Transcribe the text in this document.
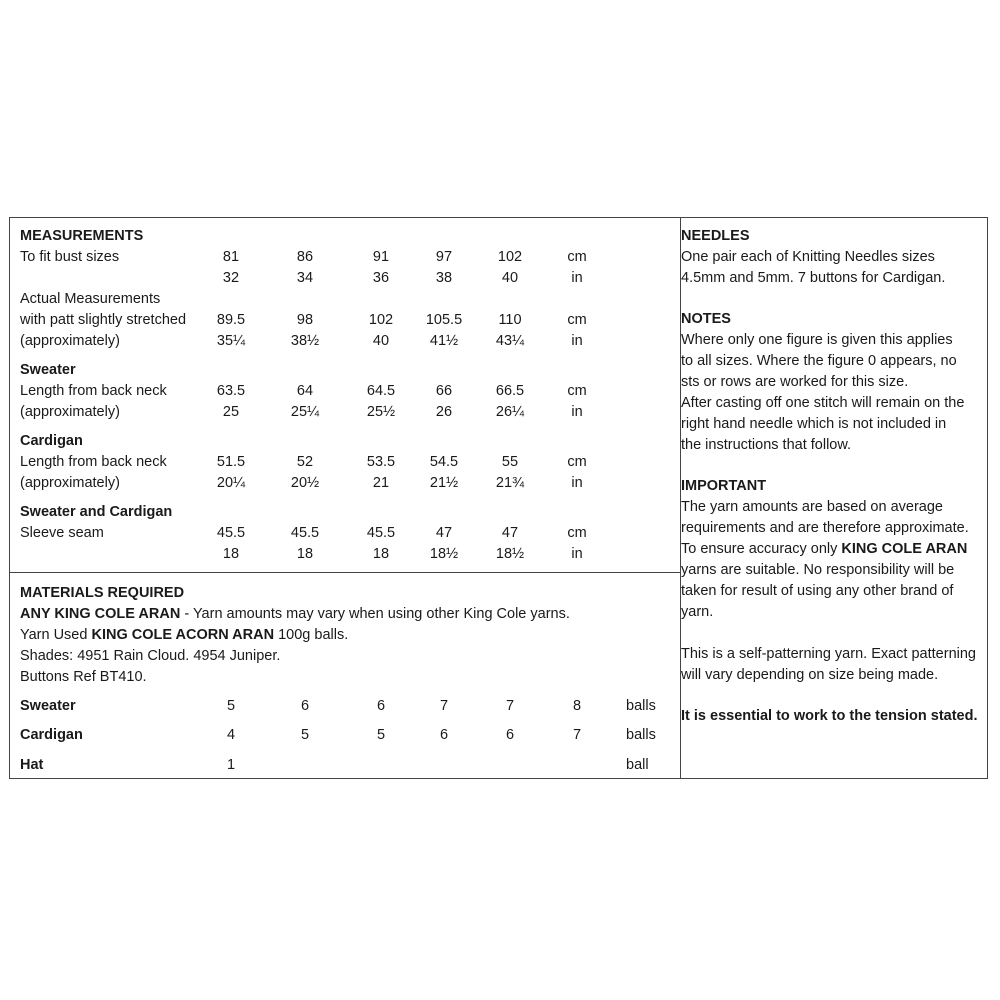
MEASUREMENTS
To fit bust sizes	81	86	91	97	102	cm
32	34	36	38	40	in
Actual Measurements
with patt slightly stretched	89.5	98	102	105.5	110	cm
(approximately)	35¼	38½	40	41½	43¼	in
Sweater
Length from back neck	63.5	64	64.5	66	66.5	cm
(approximately)	25	25¼	25½	26	26¼	in
Cardigan
Length from back neck	51.5	52	53.5	54.5	55	cm
(approximately)	20¼	20½	21	21½	21¾	in
Sweater and Cardigan
Sleeve seam	45.5	45.5	45.5	47	47	cm
18	18	18	18½	18½	in
MATERIALS REQUIRED
ANY KING COLE ARAN - Yarn amounts may vary when using other King Cole yarns.
Yarn Used KING COLE ACORN ARAN 100g balls.
Shades: 4951 Rain Cloud. 4954 Juniper.
Buttons Ref BT410.
Sweater	5	6	6	7	7	8	balls
Cardigan	4	5	5	6	6	7	balls
Hat	1	ball
NEEDLES
One pair each of Knitting Needles sizes
4.5mm and 5mm. 7 buttons for Cardigan.
NOTES
Where only one figure is given this applies
to all sizes. Where the figure 0 appears, no
sts or rows are worked for this size.
After casting off one stitch will remain on the
right hand needle which is not included in
the instructions that follow.
IMPORTANT
The yarn amounts are based on average
requirements and are therefore approximate.
To ensure accuracy only KING COLE ARAN
yarns are suitable. No responsibility will be
taken for result of using any other brand of
yarn.
This is a self-patterning yarn. Exact patterning
will vary depending on size being made.
It is essential to work to the tension stated.
